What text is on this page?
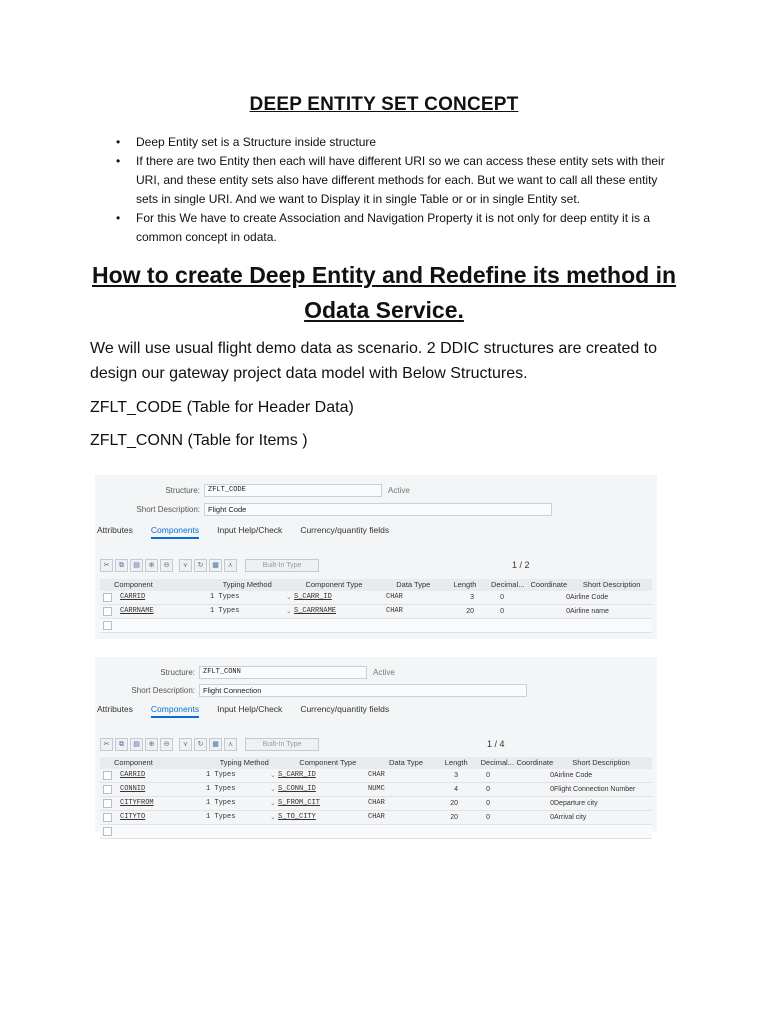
DEEP ENTITY SET CONCEPT
• Deep Entity set is a Structure inside structure
• If there are two Entity then each will have different URI so we can access these entity sets with their URI, and these entity sets also have different methods for each. But we want to call all these entity sets in single URI. And we want to Display it in single Table or or in single Entity set.
• For this We have to create Association and Navigation Property it is not only for deep entity it is a common concept in odata.
How to create Deep Entity and Redefine its method in
Odata Service.
We will use usual flight demo data as scenario. 2 DDIC structures are created to design our gateway project data model with Below Structures.
ZFLT_CODE (Table for Header Data)
ZFLT_CONN (Table for Items )
Structure:	ZFLT_CODE	Active
Short Description:	Flight Code
Attributes Components Input Help/Check Currency/quantity fields
✂	⧉	▤	⊕	⊖	⋎	↻	▦	⋏	Built-In Type	1 / 2
Component	Typing Method	Component Type	Data Type	Length	Decimal... Coordinate	Short Description
CARRID	1 Types	⌄ S_CARR_ID	CHAR	3	0	0 Airline Code
CARRNAME	1 Types	⌄ S_CARRNAME	CHAR	20	0	0 Airline name
Structure:	ZFLT_CONN	Active
Short Description:	Flight Connection
Attributes Components Input Help/Check Currency/quantity fields
✂	⧉	▤	⊕	⊖	⋎	↻	▦	⋏	Built-In Type	1 / 4
Component	Typing Method	Component Type	Data Type	Length	Decimal... Coordinate	Short Description
CARRID	1 Types	⌄ S_CARR_ID	CHAR	3	0	0 Airline Code
CONNID	1 Types	⌄ S_CONN_ID	NUMC	4	0	0 Flight Connection Number
CITYFROM	1 Types	⌄ S_FROM_CIT	CHAR	20	0	0 Departure city
CITYTO	1 Types	⌄ S_TO_CITY	CHAR	20	0	0 Arrival city
